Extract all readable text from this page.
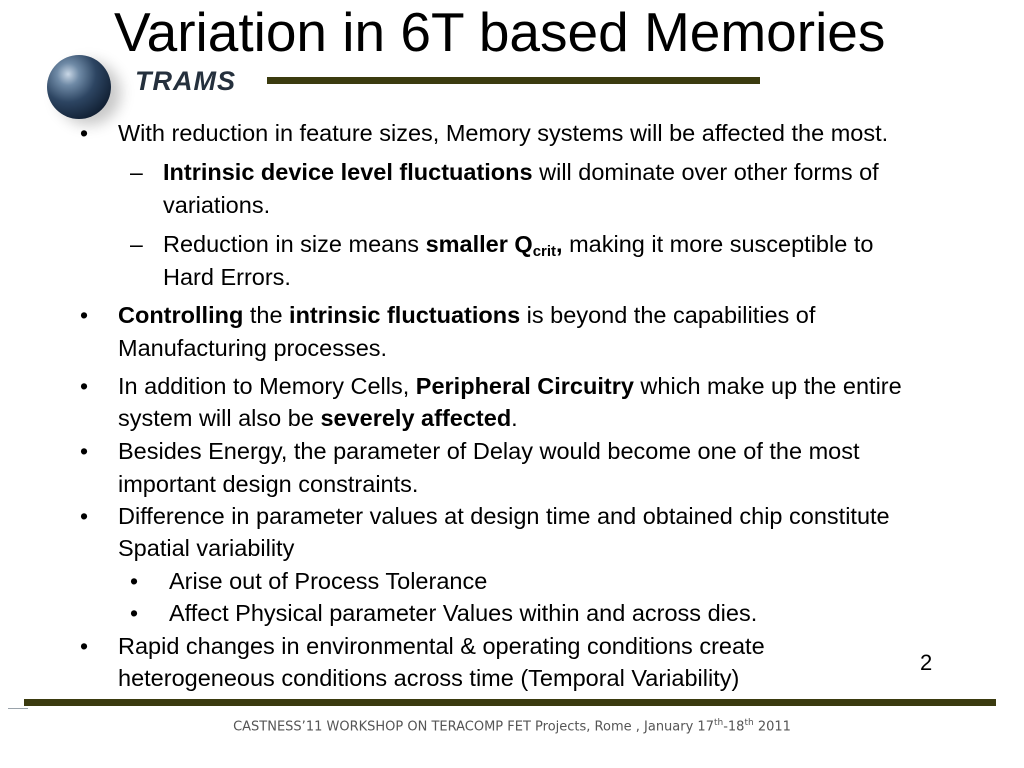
TRAMS
Variation in 6T based Memories
• With reduction in feature sizes, Memory systems will be affected the most.
– Intrinsic device level fluctuations will dominate over other forms of
variations.
– Reduction in size means smaller $Q_{crit}$, making it more susceptible to
Hard Errors.
• Controlling the intrinsic fluctuations is beyond the capabilities of
Manufacturing processes.
• In addition to Memory Cells, Peripheral Circuitry which make up the entire
system will also be severely affected.
• Besides Energy, the parameter of Delay would become one of the most
important design constraints.
• Difference in parameter values at design time and obtained chip constitute
Spatial variability
• Arise out of Process Tolerance
• Affect Physical parameter Values within and across dies.
• Rapid changes in environmental & operating conditions create
heterogeneous conditions across time (Temporal Variability)
2
CASTNESS’11 WORKSHOP ON TERACOMP FET Projects, Rome , January 17th-18th 2011
